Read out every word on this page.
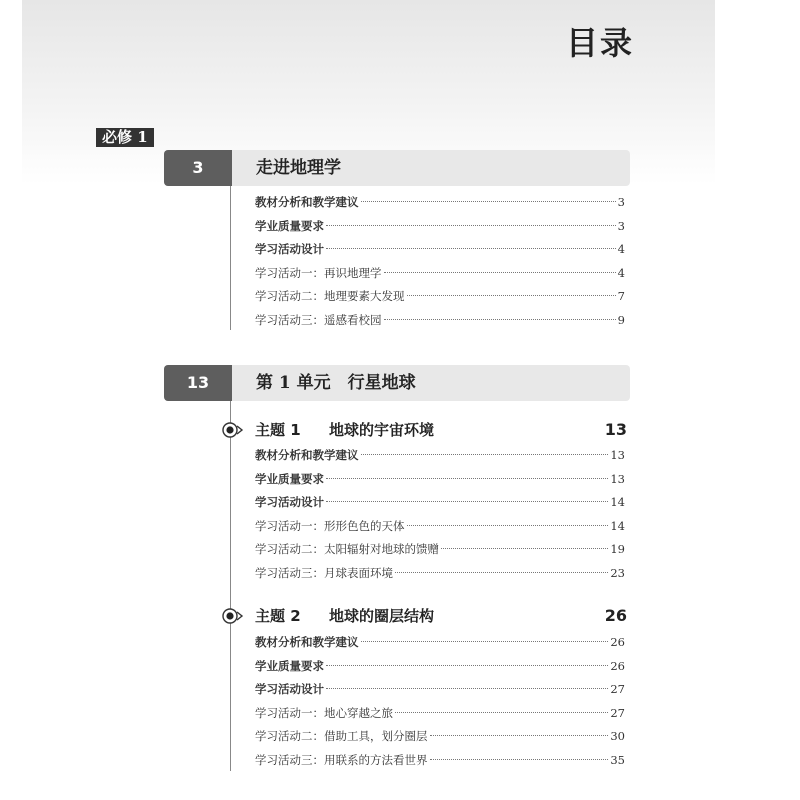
目录
必修 1
3	走进地理学
教材分析和教学建议	3
学业质量要求	3
学习活动设计	4
学习活动一：再识地理学	4
学习活动二：地理要素大发现	7
学习活动三：遥感看校园	9
13	第 1 单元　行星地球
主题 1 地球的宇宙环境	13
教材分析和教学建议	13
学业质量要求	13
学习活动设计	14
学习活动一：形形色色的天体	14
学习活动二：太阳辐射对地球的馈赠	19
学习活动三：月球表面环境	23
主题 2 地球的圈层结构	26
教材分析和教学建议	26
学业质量要求	26
学习活动设计	27
学习活动一：地心穿越之旅	27
学习活动二：借助工具，划分圈层	30
学习活动三：用联系的方法看世界	35
